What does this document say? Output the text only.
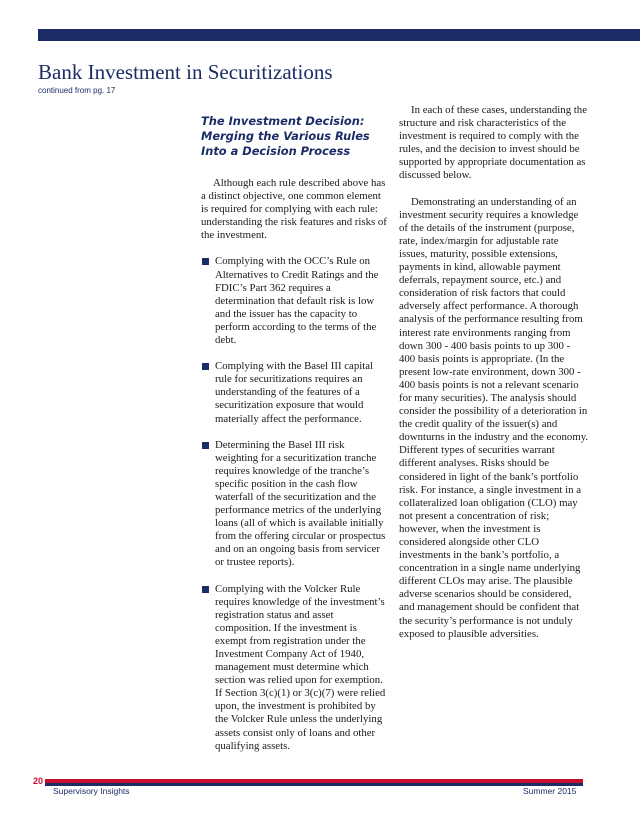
Bank Investment in Securitizations
continued from pg. 17
The Investment Decision: Merging the Various Rules Into a Decision Process

Although each rule described above has a distinct objective, one common element is required for complying with each rule: understanding the risk features and risks of the investment.

Complying with the OCC’s Rule on Alternatives to Credit Ratings and the FDIC’s Part 362 requires a determination that default risk is low and the issuer has the capacity to perform according to the terms of the debt.
Complying with the Basel III capital rule for securitizations requires an understanding of the features of a securitization exposure that would materially affect the performance.
Determining the Basel III risk weighting for a securitization tranche requires knowledge of the tranche’s specific position in the cash flow waterfall of the securitization and the performance metrics of the underlying loans (all of which is available initially from the offering circular or prospectus and on an ongoing basis from servicer or trustee reports).
Complying with the Volcker Rule requires knowledge of the investment’s registration status and asset composition. If the investment is exempt from registration under the Investment Company Act of 1940, management must determine which section was relied upon for exemption. If Section 3(c)(1) or 3(c)(7) were relied upon, the investment is prohibited by the Volcker Rule unless the underlying assets consist only of loans and other qualifying assets.

In each of these cases, understanding the structure and risk characteristics of the investment is required to comply with the rules, and the decision to invest should be supported by appropriate documentation as discussed below.

Demonstrating an understanding of an investment security requires a knowledge of the details of the instrument (purpose, rate, index/margin for adjustable rate issues, maturity, possible extensions, payments in kind, allowable payment deferrals, repayment source, etc.) and consideration of risk factors that could adversely affect performance. A thorough analysis of the performance resulting from interest rate environments ranging from down 300 - 400 basis points to up 300 - 400 basis points is appropriate. (In the present low-rate environment, down 300 - 400 basis points is not a relevant scenario for many securities). The analysis should consider the possibility of a deterioration in the credit quality of the issuer(s) and downturns in the industry and the economy. Different types of securities warrant different analyses. Risks should be considered in light of the bank’s portfolio risk. For instance, a single investment in a collateralized loan obligation (CLO) may not present a concentration of risk; however, when the investment is considered alongside other CLO investments in the bank’s portfolio, a concentration in a single name underlying different CLOs may arise. The plausible adverse scenarios should be considered, and management should be confident that the security’s performance is not unduly exposed to plausible adversities.

20
Supervisory Insights	Summer 2015
